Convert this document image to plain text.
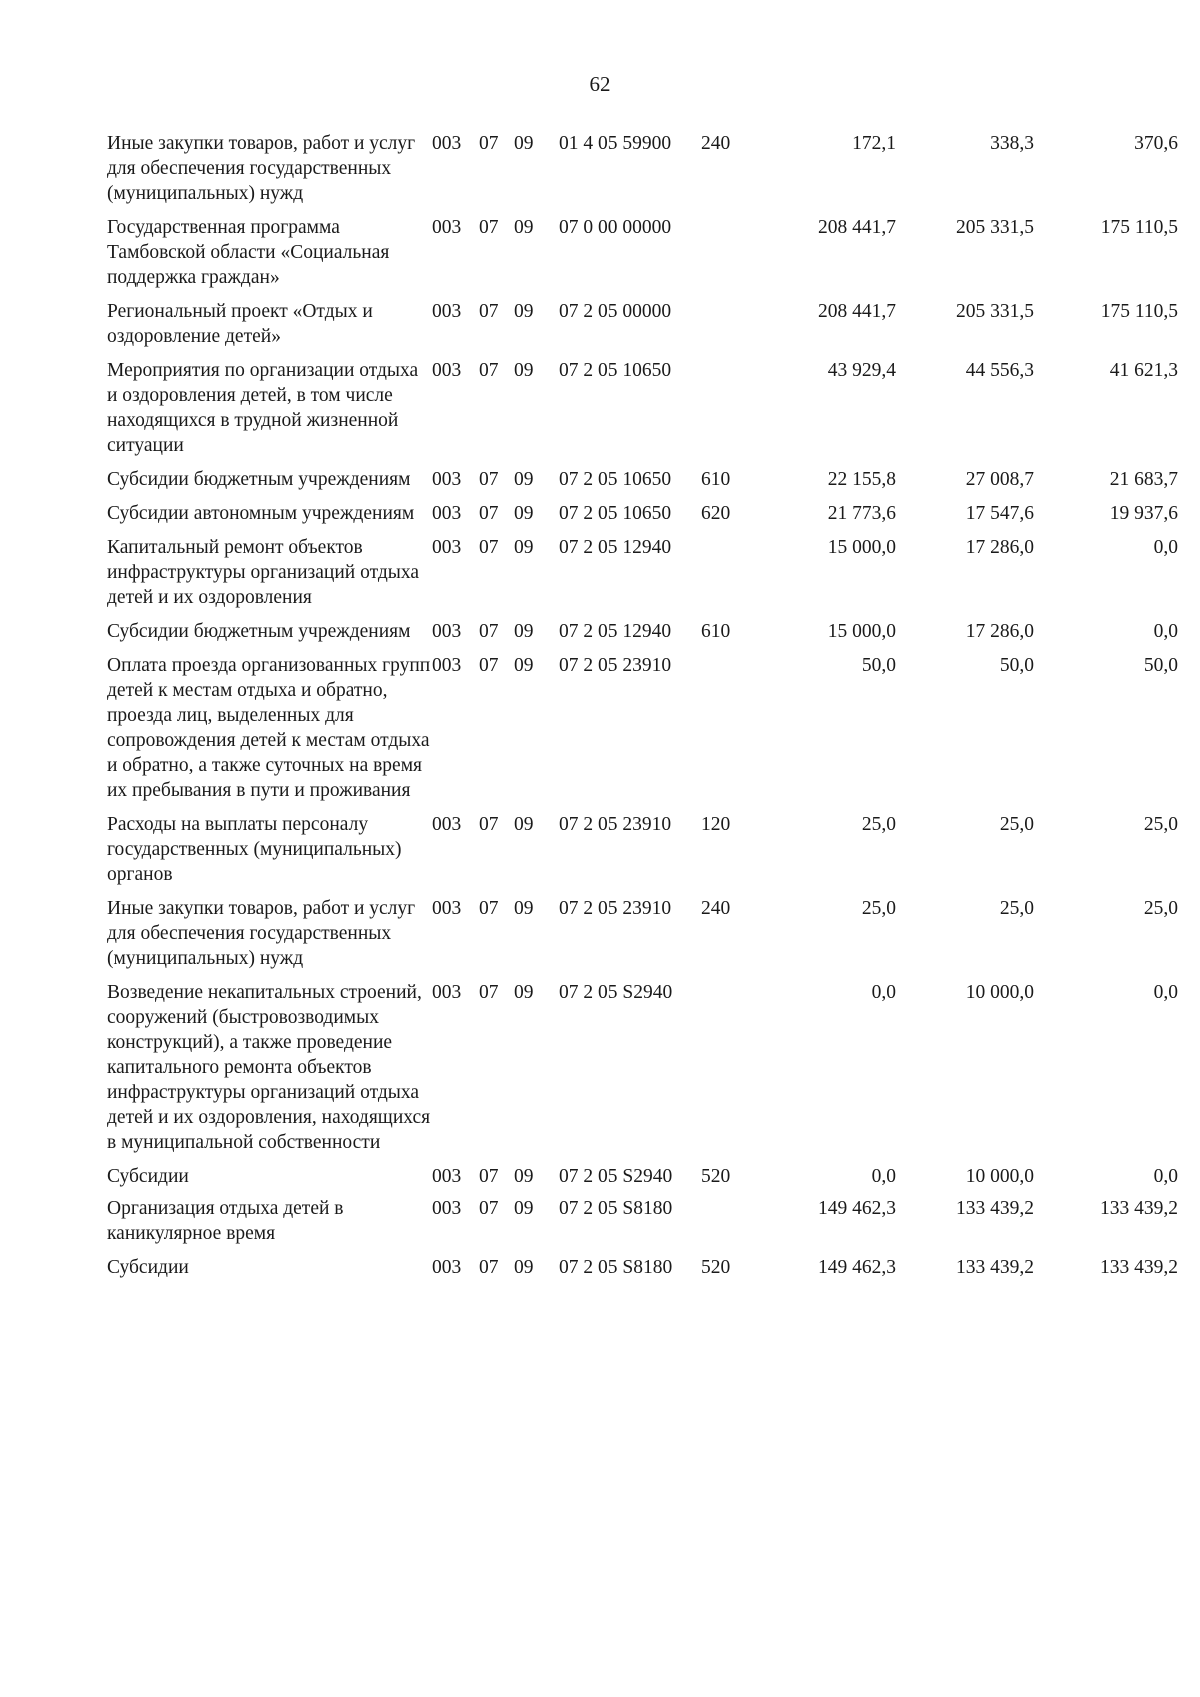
62
Иные закупки товаров, работ и услуг для обеспечения государственных (муниципальных) нужд
003 07 09	01 4 05 59900	240	172,1	338,3	370,6
Государственная программа Тамбовской области «Социальная поддержка граждан»
003 07 09	07 0 00 00000	208 441,7	205 331,5	175 110,5
Региональный проект «Отдых и оздоровление детей»
003 07 09	07 2 05 00000	208 441,7	205 331,5	175 110,5
Мероприятия по организации отдыха и оздоровления детей, в том числе находящихся в трудной жизненной ситуации
003 07 09	07 2 05 10650	43 929,4	44 556,3	41 621,3
Субсидии бюджетным учреждениям	003 07 09	07 2 05 10650	610	22 155,8	27 008,7	21 683,7
Субсидии автономным учреждениям 003 07 09	07 2 05 10650	620	21 773,6	17 547,6	19 937,6
Капитальный ремонт объектов инфраструктуры организаций отдыха детей и их оздоровления
003 07 09	07 2 05 12940	15 000,0	17 286,0	0,0
Субсидии бюджетным учреждениям	003 07 09	07 2 05 12940	610	15 000,0	17 286,0	0,0
Оплата проезда организованных групп детей к местам отдыха и обратно, проезда лиц, выделенных для сопровождения детей к местам отдыха и обратно, а также суточных на время их пребывания в пути и проживания
003 07 09	07 2 05 23910	50,0	50,0	50,0
Расходы на выплаты персоналу государственных (муниципальных) органов
003 07 09	07 2 05 23910	120	25,0	25,0	25,0
Иные закупки товаров, работ и услуг для обеспечения государственных (муниципальных) нужд
003 07 09	07 2 05 23910	240	25,0	25,0	25,0
Возведение некапитальных строений, сооружений (быстровозводимых конструкций), а также проведение капитального ремонта объектов инфраструктуры организаций отдыха детей и их оздоровления, находящихся в муниципальной собственности
003 07 09	07 2 05 S2940	0,0	10 000,0	0,0
Субсидии	003 07 09	07 2 05 S2940	520	0,0	10 000,0	0,0
Организация отдыха детей в каникулярное время
003 07 09	07 2 05 S8180	149 462,3	133 439,2	133 439,2
Субсидии	003 07 09	07 2 05 S8180	520	149 462,3	133 439,2	133 439,2
